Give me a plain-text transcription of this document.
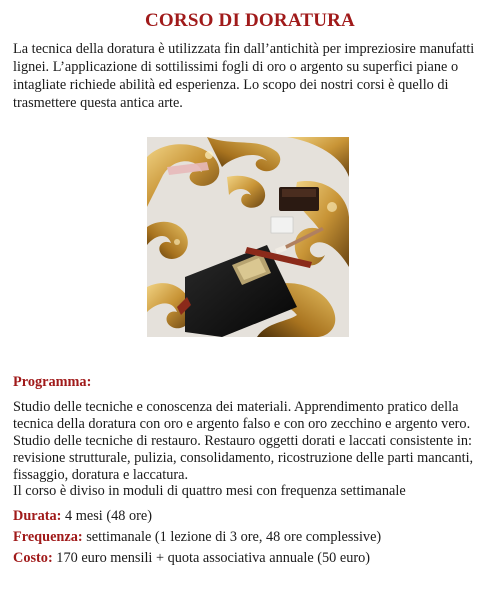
CORSO DI DORATURA

La tecnica della doratura è utilizzata fin dall’antichità per impreziosire manufatti lignei. L’applicazione di sottilissimi fogli di oro o argento su superfici piane o intagliate richiede abilità ed esperienza. Lo scopo dei nostri corsi è quello di trasmettere questa antica arte.

Programma:

Studio delle tecniche e conoscenza dei materiali. Apprendimento pratico della tecnica della doratura con oro e argento falso e con oro zecchino e argento vero. Studio delle tecniche di restauro. Restauro oggetti dorati e laccati consistente in: revisione strutturale, pulizia, consolidamento, ricostruzione delle parti mancanti, fissaggio, doratura e laccatura.

Il corso è diviso in moduli di quattro mesi con frequenza settimanale

Durata: 4 mesi (48 ore)

Frequenza: settimanale (1 lezione di 3 ore, 48 ore complessive)

Costo: 170 euro mensili + quota associativa annuale (50 euro)
